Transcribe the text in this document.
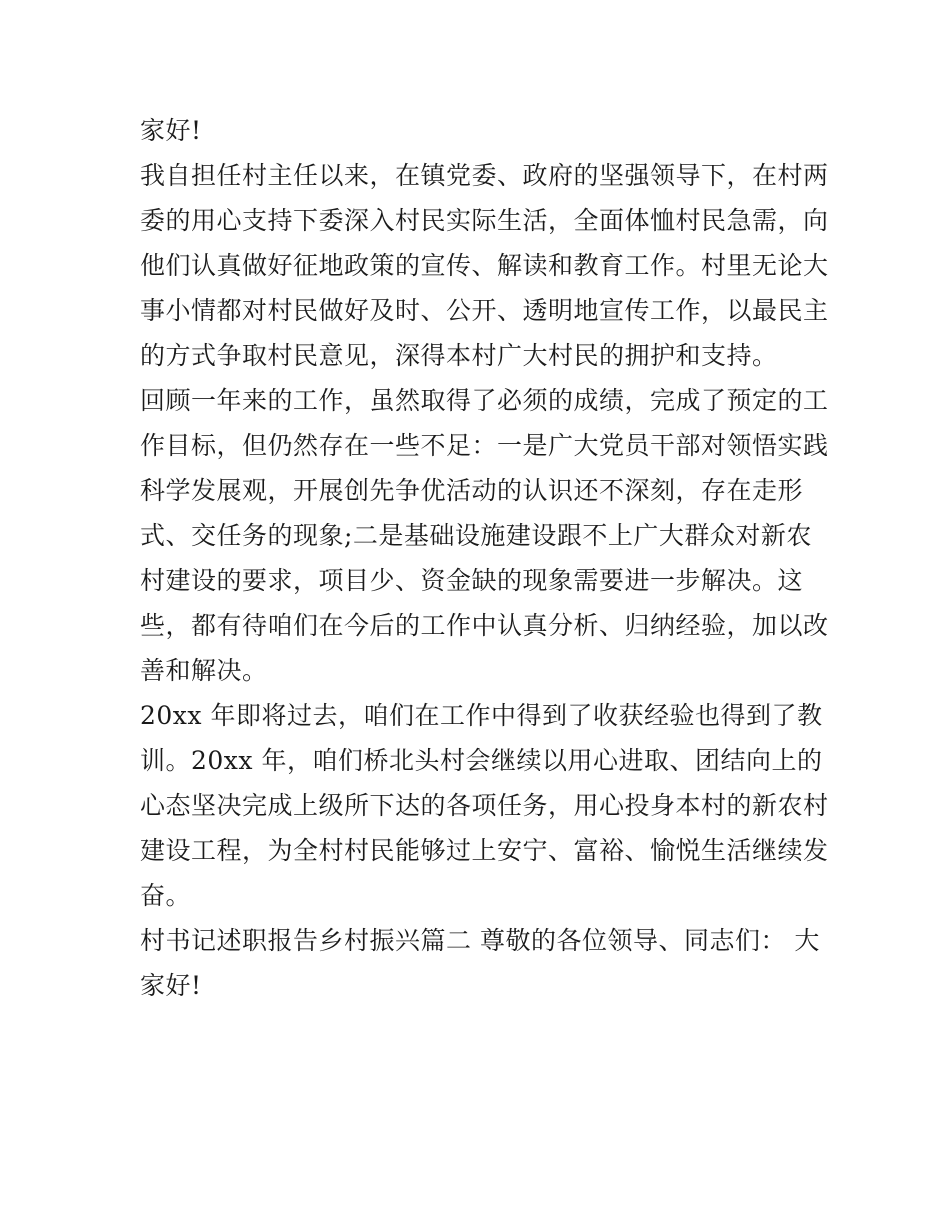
家好!
我自担任村主任以来，在镇党委、政府的坚强领导下，在村两
委的用心支持下委深入村民实际生活，全面体恤村民急需，向
他们认真做好征地政策的宣传、解读和教育工作。村里无论大
事小情都对村民做好及时、公开、透明地宣传工作，以最民主
的方式争取村民意见，深得本村广大村民的拥护和支持。
回顾一年来的工作，虽然取得了必须的成绩，完成了预定的工
作目标，但仍然存在一些不足：一是广大党员干部对领悟实践
科学发展观，开展创先争优活动的认识还不深刻，存在走形
式、交任务的现象;二是基础设施建设跟不上广大群众对新农
村建设的要求，项目少、资金缺的现象需要进一步解决。这
些，都有待咱们在今后的工作中认真分析、归纳经验，加以改
善和解决。
20xx 年即将过去，咱们在工作中得到了收获经验也得到了教
训。20xx 年，咱们桥北头村会继续以用心进取、团结向上的
心态坚决完成上级所下达的各项任务，用心投身本村的新农村
建设工程，为全村村民能够过上安宁、富裕、愉悦生活继续发
奋。
村书记述职报告乡村振兴篇二 尊敬的各位领导、同志们： 大
家好!
